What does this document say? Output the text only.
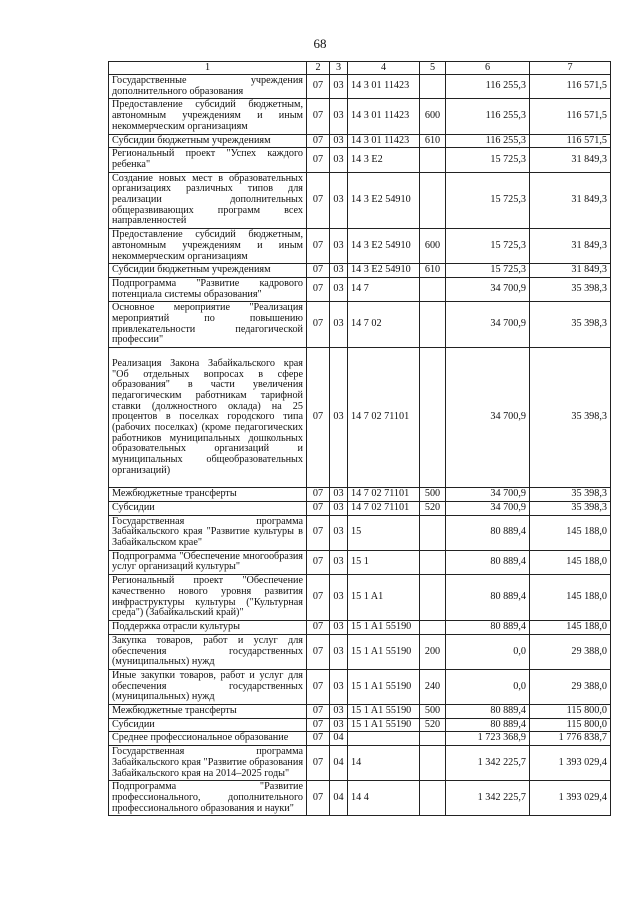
68
1	2	3	4	5	6	7
Государственные учреждения дополнительного образования	07	03	14 3 01 11423		116 255,3	116 571,5
Предоставление субсидий бюджетным, автономным учреждениям и иным некоммерческим организациям	07	03	14 3 01 11423	600	116 255,3	116 571,5
Субсидии бюджетным учреждениям	07	03	14 3 01 11423	610	116 255,3	116 571,5
Региональный проект "Успех каждого ребенка"	07	03	14 3 E2		15 725,3	31 849,3
Создание новых мест в образовательных организациях различных типов для реализации дополнительных общеразвивающих программ всех направленностей	07	03	14 3 E2 54910		15 725,3	31 849,3
Предоставление субсидий бюджетным, автономным учреждениям и иным некоммерческим организациям	07	03	14 3 E2 54910	600	15 725,3	31 849,3
Субсидии бюджетным учреждениям	07	03	14 3 E2 54910	610	15 725,3	31 849,3
Подпрограмма "Развитие кадрового потенциала системы образования"	07	03	14 7		34 700,9	35 398,3
Основное мероприятие "Реализация мероприятий по повышению привлекательности педагогической профессии"	07	03	14 7 02		34 700,9	35 398,3
Реализация Закона Забайкальского края "Об отдельных вопросах в сфере образования" в части увеличения педагогическим работникам тарифной ставки (должностного оклада) на 25 процентов в поселках городского типа (рабочих поселках) (кроме педагогических работников муниципальных дошкольных образовательных организаций и муниципальных общеобразовательных организаций)	07	03	14 7 02 71101		34 700,9	35 398,3
Межбюджетные трансферты	07	03	14 7 02 71101	500	34 700,9	35 398,3
Субсидии	07	03	14 7 02 71101	520	34 700,9	35 398,3
Государственная программа Забайкальского края "Развитие культуры в Забайкальском крае"	07	03	15		80 889,4	145 188,0
Подпрограмма "Обеспечение многообразия услуг организаций культуры"	07	03	15 1		80 889,4	145 188,0
Региональный проект "Обеспечение качественно нового уровня развития инфраструктуры культуры ("Культурная среда") (Забайкальский край)"	07	03	15 1 A1		80 889,4	145 188,0
Поддержка отрасли культуры	07	03	15 1 A1 55190		80 889,4	145 188,0
Закупка товаров, работ и услуг для обеспечения государственных (муниципальных) нужд	07	03	15 1 A1 55190	200	0,0	29 388,0
Иные закупки товаров, работ и услуг для обеспечения государственных (муниципальных) нужд	07	03	15 1 A1 55190	240	0,0	29 388,0
Межбюджетные трансферты	07	03	15 1 A1 55190	500	80 889,4	115 800,0
Субсидии	07	03	15 1 A1 55190	520	80 889,4	115 800,0
Среднее профессиональное образование	07	04			1 723 368,9	1 776 838,7
Государственная программа Забайкальского края "Развитие образования Забайкальского края на 2014–2025 годы"	07	04	14		1 342 225,7	1 393 029,4
Подпрограмма "Развитие профессионального, дополнительного профессионального образования и науки"	07	04	14 4		1 342 225,7	1 393 029,4
